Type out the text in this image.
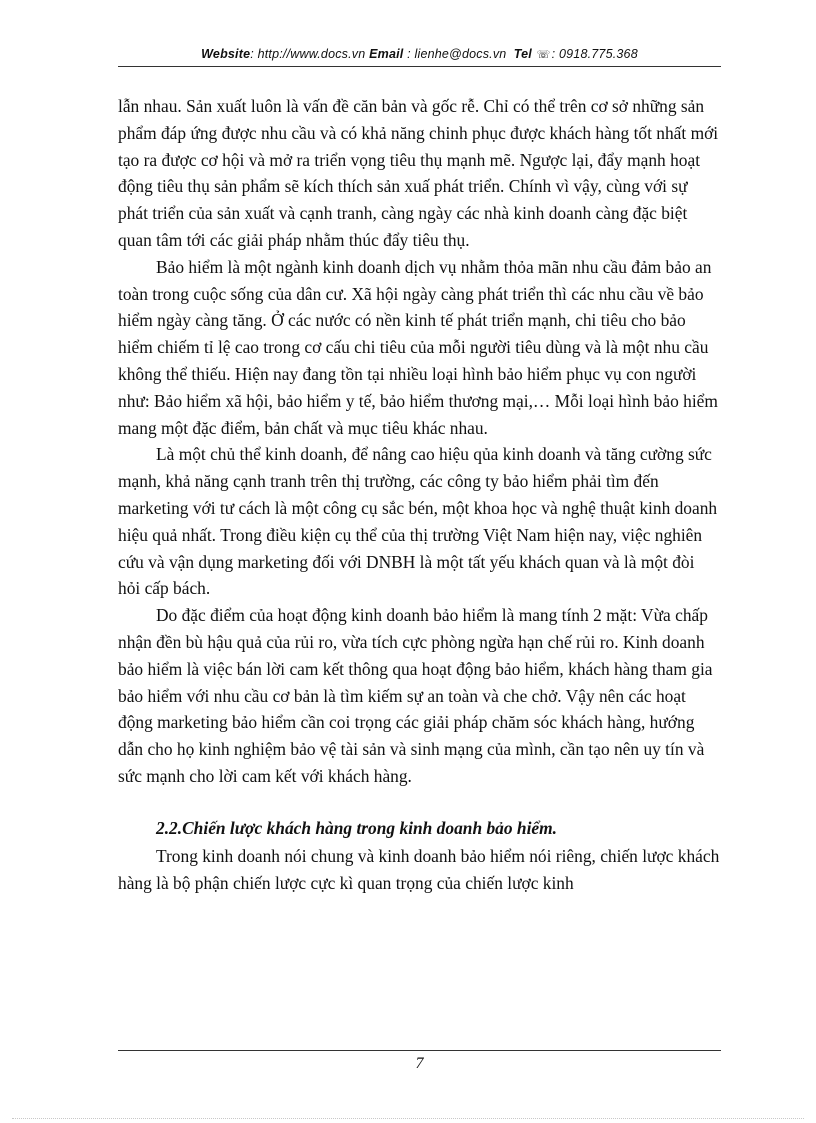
Website: http://www.docs.vn Email : lienhe@docs.vn Tel ☏: 0918.775.368

lẫn nhau. Sản xuất luôn là vấn đề căn bản và gốc rễ. Chỉ có thể trên cơ sở những sản phẩm đáp ứng được nhu cầu và có khả năng chinh phục được khách hàng tốt nhất mới tạo ra được cơ hội và mở ra triển vọng tiêu thụ mạnh mẽ. Ngược lại, đẩy mạnh hoạt động tiêu thụ sản phẩm sẽ kích thích sản xuấ phát triển. Chính vì vậy, cùng với sự phát triển của sản xuất và cạnh tranh, càng ngày các nhà kinh doanh càng đặc biệt quan tâm tới các giải pháp nhằm thúc đẩy tiêu thụ.

Bảo hiểm là một ngành kinh doanh dịch vụ nhằm thỏa mãn nhu cầu đảm bảo an toàn trong cuộc sống của dân cư. Xã hội ngày càng phát triển thì các nhu cầu về bảo hiểm ngày càng tăng. Ở các nước có nền kinh tế phát triển mạnh, chi tiêu cho bảo hiểm chiếm tỉ lệ cao trong cơ cấu chi tiêu của mỗi người tiêu dùng và là một nhu cầu không thể thiếu. Hiện nay đang tồn tại nhiều loại hình bảo hiểm phục vụ con người như: Bảo hiểm xã hội, bảo hiểm y tế, bảo hiểm thương mại,… Mỗi loại hình bảo hiểm mang một đặc điểm, bản chất và mục tiêu khác nhau.

Là một chủ thể kinh doanh, để nâng cao hiệu qủa kinh doanh và tăng cường sức mạnh, khả năng cạnh tranh trên thị trường, các công ty bảo hiểm phải tìm đến marketing với tư cách là một công cụ sắc bén, một khoa học và nghệ thuật kinh doanh hiệu quả nhất. Trong điều kiện cụ thể của thị trường Việt Nam hiện nay, việc nghiên cứu và vận dụng marketing đối với DNBH là một tất yếu khách quan và là một đòi hỏi cấp bách.

Do đặc điểm của hoạt động kinh doanh bảo hiểm là mang tính 2 mặt: Vừa chấp nhận đền bù hậu quả của rủi ro, vừa tích cực phòng ngừa hạn chế rủi ro. Kinh doanh bảo hiểm là việc bán lời cam kết thông qua hoạt động bảo hiểm, khách hàng tham gia bảo hiểm với nhu cầu cơ bản là tìm kiếm sự an toàn và che chở. Vậy nên các hoạt động marketing bảo hiểm cần coi trọng các giải pháp chăm sóc khách hàng, hướng dẫn cho họ kinh nghiệm bảo vệ tài sản và sinh mạng của mình, cần tạo nên uy tín và sức mạnh cho lời cam kết với khách hàng.

2.2.Chiến lược khách hàng trong kinh doanh bảo hiểm.

Trong kinh doanh nói chung và kinh doanh bảo hiểm nói riêng, chiến lược khách hàng là bộ phận chiến lược cực kì quan trọng của chiến lược kinh

7
